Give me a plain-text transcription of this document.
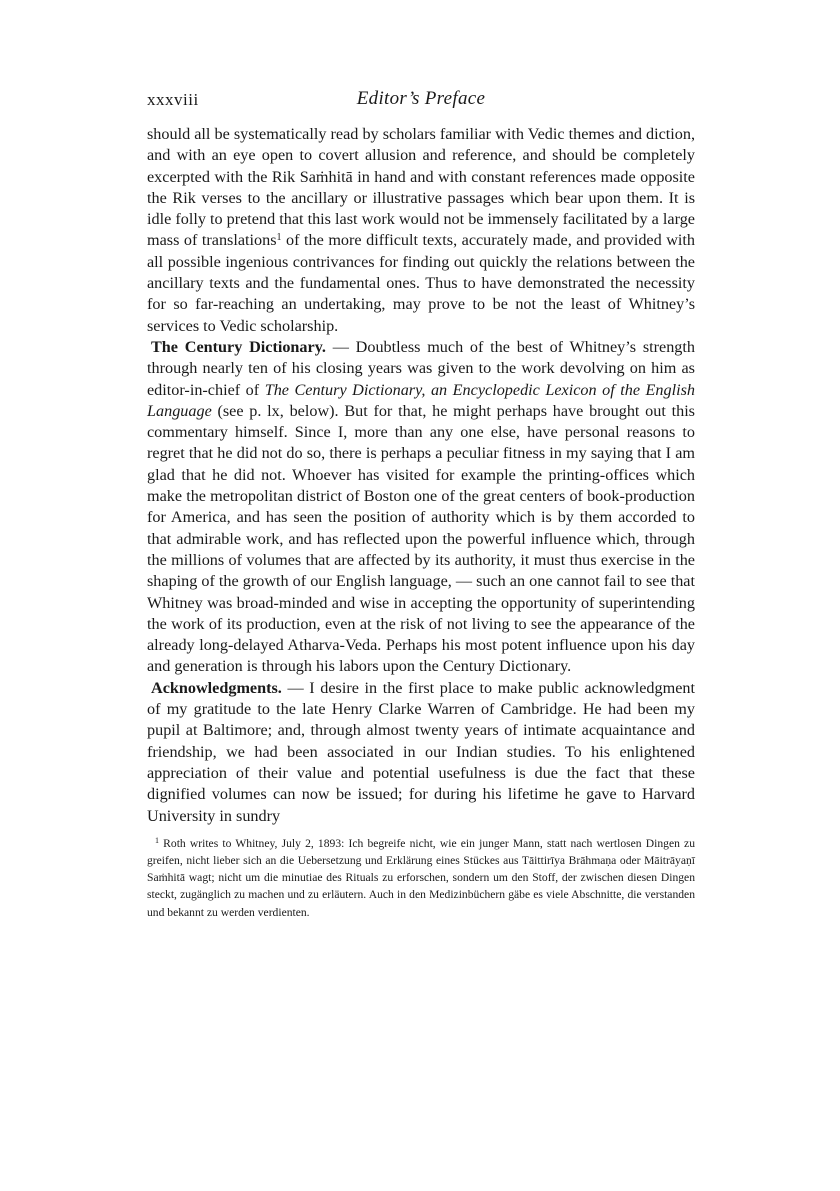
xxxviii	Editor’s Preface

should all be systematically read by scholars familiar with Vedic themes and diction, and with an eye open to covert allusion and reference, and should be completely excerpted with the Rik Saṁhitā in hand and with constant references made opposite the Rik verses to the ancillary or illustrative passages which bear upon them. It is idle folly to pretend that this last work would not be immensely facilitated by a large mass of translations$^1$ of the more difficult texts, accurately made, and provided with all possible ingenious contrivances for finding out quickly the relations between the ancillary texts and the fundamental ones. Thus to have demonstrated the necessity for so far-reaching an undertaking, may prove to be not the least of Whitney’s services to Vedic scholarship.

The Century Dictionary. — Doubtless much of the best of Whitney’s strength through nearly ten of his closing years was given to the work devolving on him as editor-in-chief of The Century Dictionary, an Encyclopedic Lexicon of the English Language (see p. lx, below). But for that, he might perhaps have brought out this commentary himself. Since I, more than any one else, have personal reasons to regret that he did not do so, there is perhaps a peculiar fitness in my saying that I am glad that he did not. Whoever has visited for example the printing-offices which make the metropolitan district of Boston one of the great centers of book-production for America, and has seen the position of authority which is by them accorded to that admirable work, and has reflected upon the powerful influence which, through the millions of volumes that are affected by its authority, it must thus exercise in the shaping of the growth of our English language, — such an one cannot fail to see that Whitney was broad-minded and wise in accepting the opportunity of superintending the work of its production, even at the risk of not living to see the appearance of the already long-delayed Atharva-Veda. Perhaps his most potent influence upon his day and generation is through his labors upon the Century Dictionary.

Acknowledgments. — I desire in the first place to make public acknowledgment of my gratitude to the late Henry Clarke Warren of Cambridge. He had been my pupil at Baltimore; and, through almost twenty years of intimate acquaintance and friendship, we had been associated in our Indian studies. To his enlightened appreciation of their value and potential usefulness is due the fact that these dignified volumes can now be issued; for during his lifetime he gave to Harvard University in sundry

$^1$ Roth writes to Whitney, July 2, 1893: Ich begreife nicht, wie ein junger Mann, statt nach wertlosen Dingen zu greifen, nicht lieber sich an die Uebersetzung und Erklärung eines Stückes aus Tāittirīya Brāhmaṇa oder Māitrāyaṇī Saṁhitā wagt; nicht um die minutiae des Rituals zu erforschen, sondern um den Stoff, der zwischen diesen Dingen steckt, zugänglich zu machen und zu erläutern. Auch in den Medizinbüchern gäbe es viele Abschnitte, die verstanden und bekannt zu werden verdienten.
